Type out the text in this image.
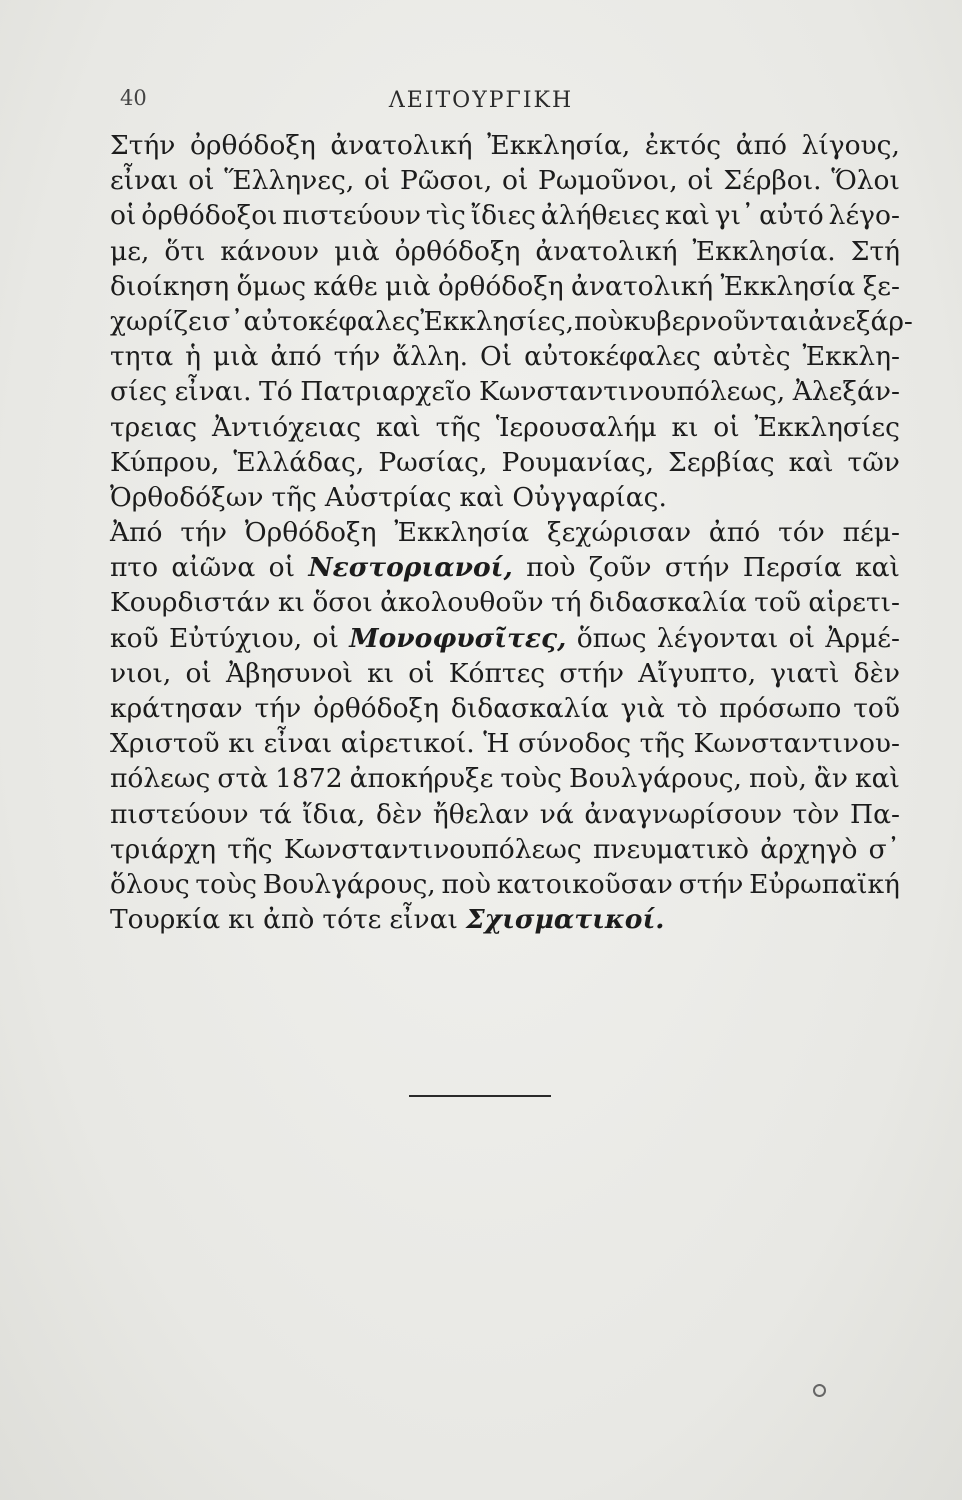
40	ΛΕΙΤΟΥΡΓΙΚΗ
Στήν ὀρθόδοξη ἀνατολική Ἐκκλησία, ἐκτός ἀπό λίγους,
εἶναι οἱ Ἕλληνες, οἱ Ρῶσοι, οἱ Ρωμοῦνοι, οἱ Σέρβοι. Ὅλοι
οἱ ὀρθόδοξοι πιστεύουν τὶς ἴδιες ἀλήθειες καὶ γι᾽ αὐτό λέγο-
με, ὅτι κάνουν μιὰ ὀρθόδοξη ἀνατολική Ἐκκλησία. Στή
διοίκηση ὅμως κάθε μιὰ ὀρθόδοξη ἀνατολική Ἐκκλησία ξε-
χωρίζει σ᾽αὐτοκέφαλες Ἐκκλησίες, ποὺ κυβερνοῦνται ἀνεξάρ-
τητα ἡ μιὰ ἀπό τήν ἄλλη. Οἱ αὐτοκέφαλες αὐτὲς Ἐκκλη-
σίες εἶναι. Τό Πατριαρχεῖο Κωνσταντινουπόλεως, Ἀλεξάν-
τρειας Ἀντιόχειας καὶ τῆς Ἱερουσαλήμ κι οἱ Ἐκκλησίες
Κύπρου, Ἑλλάδας, Ρωσίας, Ρουμανίας, Σερβίας καὶ τῶν
Ὀρθοδόξων τῆς Αὐστρίας καὶ Οὐγγαρίας.
Ἀπό τήν Ὀρθόδοξη Ἐκκλησία ξεχώρισαν ἀπό τόν πέμ-
πτο αἰῶνα οἱ Νεστοριανοί, ποὺ ζοῦν στήν Περσία καὶ
Κουρδιστάν κι ὅσοι ἀκολουθοῦν τή διδασκαλία τοῦ αἱρετι-
κοῦ Εὐτύχιου, οἱ Μονοφυσῖτες, ὅπως λέγονται οἱ Ἀρμέ-
νιοι, οἱ Ἀβησυνοὶ κι οἱ Κόπτες στήν Αἴγυπτο, γιατὶ δὲν
κράτησαν τήν ὀρθόδοξη διδασκαλία γιὰ τὸ πρόσωπο τοῦ
Χριστοῦ κι εἶναι αἱρετικοί. Ἡ σύνοδος τῆς Κωνσταντινου-
πόλεως στὰ 1872 ἀποκήρυξε τοὺς Βουλγάρους, ποὺ, ἂν καὶ
πιστεύουν τά ἴδια, δὲν ἤθελαν νά ἀναγνωρίσουν τὸν Πα-
τριάρχη τῆς Κωνσταντινουπόλεως πνευματικὸ ἀρχηγὸ σ᾽
ὅλους τοὺς Βουλγάρους, ποὺ κατοικοῦσαν στήν Εὐρωπαϊκή
Τουρκία κι ἀπὸ τότε εἶναι Σχισματικοί.
